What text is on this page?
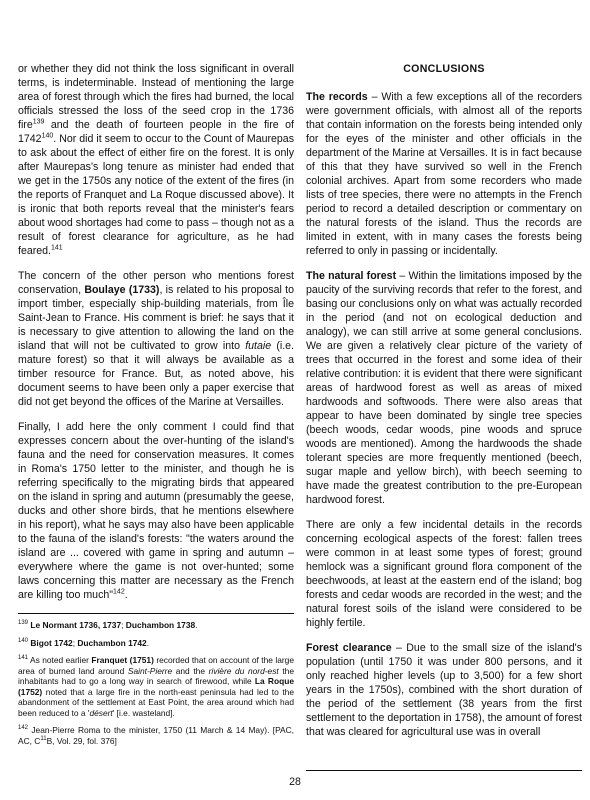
or whether they did not think the loss significant in overall terms, is indeterminable. Instead of mentioning the large area of forest through which the fires had burned, the local officials stressed the loss of the seed crop in the 1736 fire$^{139}$ and the death of fourteen people in the fire of 1742$^{140}$. Nor did it seem to occur to the Count of Maurepas to ask about the effect of either fire on the forest. It is only after Maurepas's long tenure as minister had ended that we get in the 1750s any notice of the extent of the fires (in the reports of Franquet and La Roque discussed above). It is ironic that both reports reveal that the minister's fears about wood shortages had come to pass – though not as a result of forest clearance for agriculture, as he had feared.$^{141}$

The concern of the other person who mentions forest conservation, Boulaye (1733), is related to his proposal to import timber, especially ship-building materials, from Île Saint-Jean to France. His comment is brief: he says that it is necessary to give attention to allowing the land on the island that will not be cultivated to grow into futaie (i.e. mature forest) so that it will always be available as a timber resource for France. But, as noted above, his document seems to have been only a paper exercise that did not get beyond the offices of the Marine at Versailles.

Finally, I add here the only comment I could find that expresses concern about the over-hunting of the island's fauna and the need for conservation measures. It comes in Roma's 1750 letter to the minister, and though he is referring specifically to the migrating birds that appeared on the island in spring and autumn (presumably the geese, ducks and other shore birds, that he mentions elsewhere in his report), what he says may also have been applicable to the fauna of the island's forests: "the waters around the island are ... covered with game in spring and autumn – everywhere where the game is not over-hunted; some laws concerning this matter are necessary as the French are killing too much"$^{142}$.

$^{139}$ Le Normant 1736, 1737; Duchambon 1738.
$^{140}$ Bigot 1742; Duchambon 1742.
$^{141}$ As noted earlier Franquet (1751) recorded that on account of the large area of burned land around Saint-Pierre and the rivière du nord-est the inhabitants had to go a long way in search of firewood, while La Roque (1752) noted that a large fire in the north-east peninsula had led to the abandonment of the settlement at East Point, the area around which had been reduced to a 'désert' [i.e. wasteland].
$^{142}$ Jean-Pierre Roma to the minister, 1750 (11 March & 14 May). [PAC, AC, $C^{11}B$, Vol. 29, fol. 376]
CONCLUSIONS

The records – With a few exceptions all of the recorders were government officials, with almost all of the reports that contain information on the forests being intended only for the eyes of the minister and other officials in the department of the Marine at Versailles. It is in fact because of this that they have survived so well in the French colonial archives. Apart from some recorders who made lists of tree species, there were no attempts in the French period to record a detailed description or commentary on the natural forests of the island. Thus the records are limited in extent, with in many cases the forests being referred to only in passing or incidentally.

The natural forest – Within the limitations imposed by the paucity of the surviving records that refer to the forest, and basing our conclusions only on what was actually recorded in the period (and not on ecological deduction and analogy), we can still arrive at some general conclusions. We are given a relatively clear picture of the variety of trees that occurred in the forest and some idea of their relative contribution: it is evident that there were significant areas of hardwood forest as well as areas of mixed hardwoods and softwoods. There were also areas that appear to have been dominated by single tree species (beech woods, cedar woods, pine woods and spruce woods are mentioned). Among the hardwoods the shade tolerant species are more frequently mentioned (beech, sugar maple and yellow birch), with beech seeming to have made the greatest contribution to the pre-European hardwood forest.

There are only a few incidental details in the records concerning ecological aspects of the forest: fallen trees were common in at least some types of forest; ground hemlock was a significant ground flora component of the beechwoods, at least at the eastern end of the island; bog forests and cedar woods are recorded in the west; and the natural forest soils of the island were considered to be highly fertile.

Forest clearance – Due to the small size of the island's population (until 1750 it was under 800 persons, and it only reached higher levels (up to 3,500) for a few short years in the 1750s), combined with the short duration of the period of the settlement (38 years from the first settlement to the deportation in 1758), the amount of forest that was cleared for agricultural use was in overall

28
